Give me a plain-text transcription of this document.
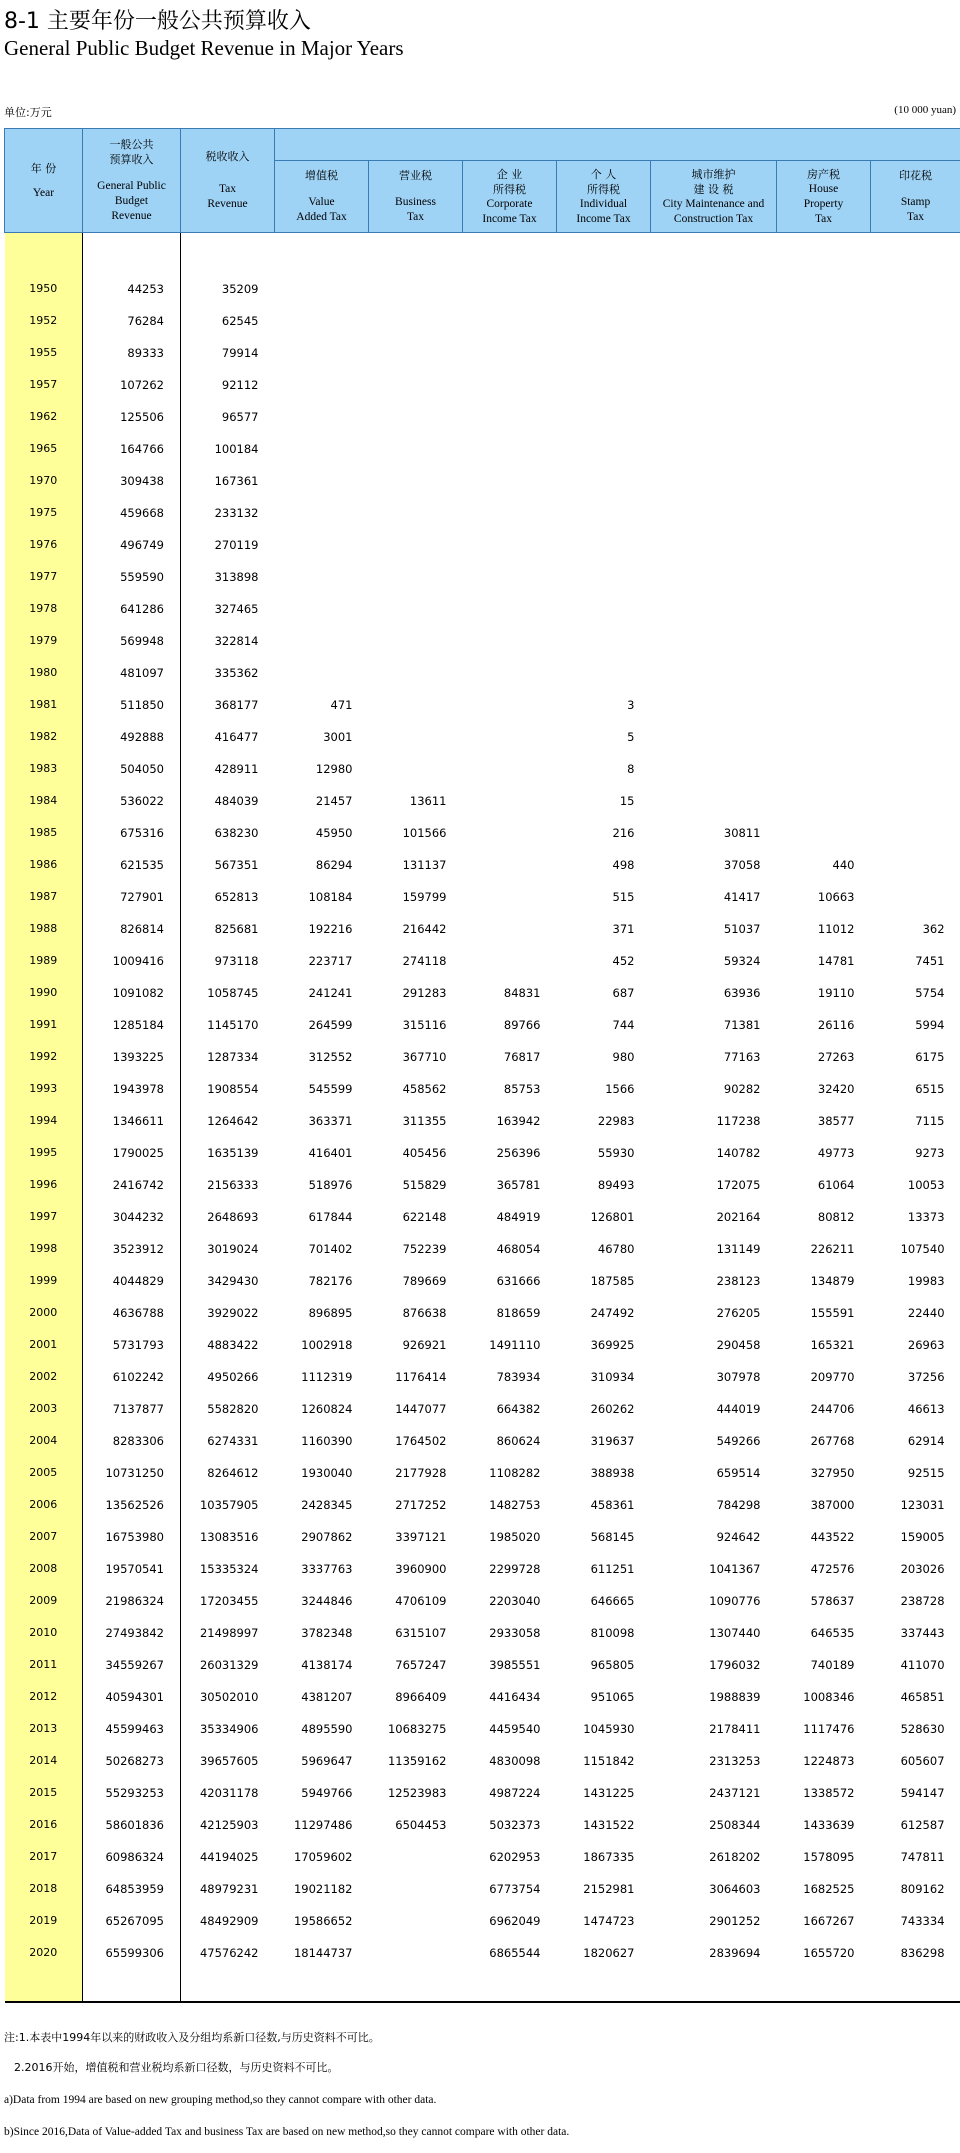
8-1 主要年份一般公共预算收入
General Public Budget Revenue in Major Years
单位:万元	(10 000 yuan)
年 份
Year	一般公共
预算收入
General Public
Budget
Revenue	税收收入
Tax
Revenue							

			增值税
Value
Added Tax	营业税
Business
Tax	企 业
所得税
Corporate
Income Tax	个 人
所得税
Individual
Income Tax	城市维护
建 设 税
City Maintenance and
Construction Tax	房产税
House
Property
Tax	印花税
Stamp
Tax

1950	44253	35209							
1952	76284	62545							
1955	89333	79914							
1957	107262	92112							
1962	125506	96577							
1965	164766	100184							
1970	309438	167361							
1975	459668	233132							
1976	496749	270119							
1977	559590	313898							
1978	641286	327465							
1979	569948	322814							
1980	481097	335362							
1981	511850	368177	471			3			
1982	492888	416477	3001			5			
1983	504050	428911	12980			8			
1984	536022	484039	21457	13611		15			
1985	675316	638230	45950	101566		216	30811		
1986	621535	567351	86294	131137		498	37058	440	
1987	727901	652813	108184	159799		515	41417	10663	
1988	826814	825681	192216	216442		371	51037	11012	362
1989	1009416	973118	223717	274118		452	59324	14781	7451
1990	1091082	1058745	241241	291283	84831	687	63936	19110	5754
1991	1285184	1145170	264599	315116	89766	744	71381	26116	5994
1992	1393225	1287334	312552	367710	76817	980	77163	27263	6175
1993	1943978	1908554	545599	458562	85753	1566	90282	32420	6515
1994	1346611	1264642	363371	311355	163942	22983	117238	38577	7115
1995	1790025	1635139	416401	405456	256396	55930	140782	49773	9273
1996	2416742	2156333	518976	515829	365781	89493	172075	61064	10053
1997	3044232	2648693	617844	622148	484919	126801	202164	80812	13373
1998	3523912	3019024	701402	752239	468054	46780	131149	226211	107540
1999	4044829	3429430	782176	789669	631666	187585	238123	134879	19983
2000	4636788	3929022	896895	876638	818659	247492	276205	155591	22440
2001	5731793	4883422	1002918	926921	1491110	369925	290458	165321	26963
2002	6102242	4950266	1112319	1176414	783934	310934	307978	209770	37256
2003	7137877	5582820	1260824	1447077	664382	260262	444019	244706	46613
2004	8283306	6274331	1160390	1764502	860624	319637	549266	267768	62914
2005	10731250	8264612	1930040	2177928	1108282	388938	659514	327950	92515
2006	13562526	10357905	2428345	2717252	1482753	458361	784298	387000	123031
2007	16753980	13083516	2907862	3397121	1985020	568145	924642	443522	159005
2008	19570541	15335324	3337763	3960900	2299728	611251	1041367	472576	203026
2009	21986324	17203455	3244846	4706109	2203040	646665	1090776	578637	238728
2010	27493842	21498997	3782348	6315107	2933058	810098	1307440	646535	337443
2011	34559267	26031329	4138174	7657247	3985551	965805	1796032	740189	411070
2012	40594301	30502010	4381207	8966409	4416434	951065	1988839	1008346	465851
2013	45599463	35334906	4895590	10683275	4459540	1045930	2178411	1117476	528630
2014	50268273	39657605	5969647	11359162	4830098	1151842	2313253	1224873	605607
2015	55293253	42031178	5949766	12523983	4987224	1431225	2437121	1338572	594147
2016	58601836	42125903	11297486	6504453	5032373	1431522	2508344	1433639	612587
2017	60986324	44194025	17059602		6202953	1867335	2618202	1578095	747811
2018	64853959	48979231	19021182		6773754	2152981	3064603	1682525	809162
2019	65267095	48492909	19586652		6962049	1474723	2901252	1667267	743334
2020	65599306	47576242	18144737		6865544	1820627	2839694	1655720	836298

注:1.本表中1994年以来的财政收入及分组均系新口径数,与历史资料不可比。
2.2016开始，增值税和营业税均系新口径数，与历史资料不可比。
a)Data from 1994 are based on new grouping method,so they cannot compare with other data.
b)Since 2016,Data of Value-added Tax and business Tax are based on new method,so they cannot compare with other data.
